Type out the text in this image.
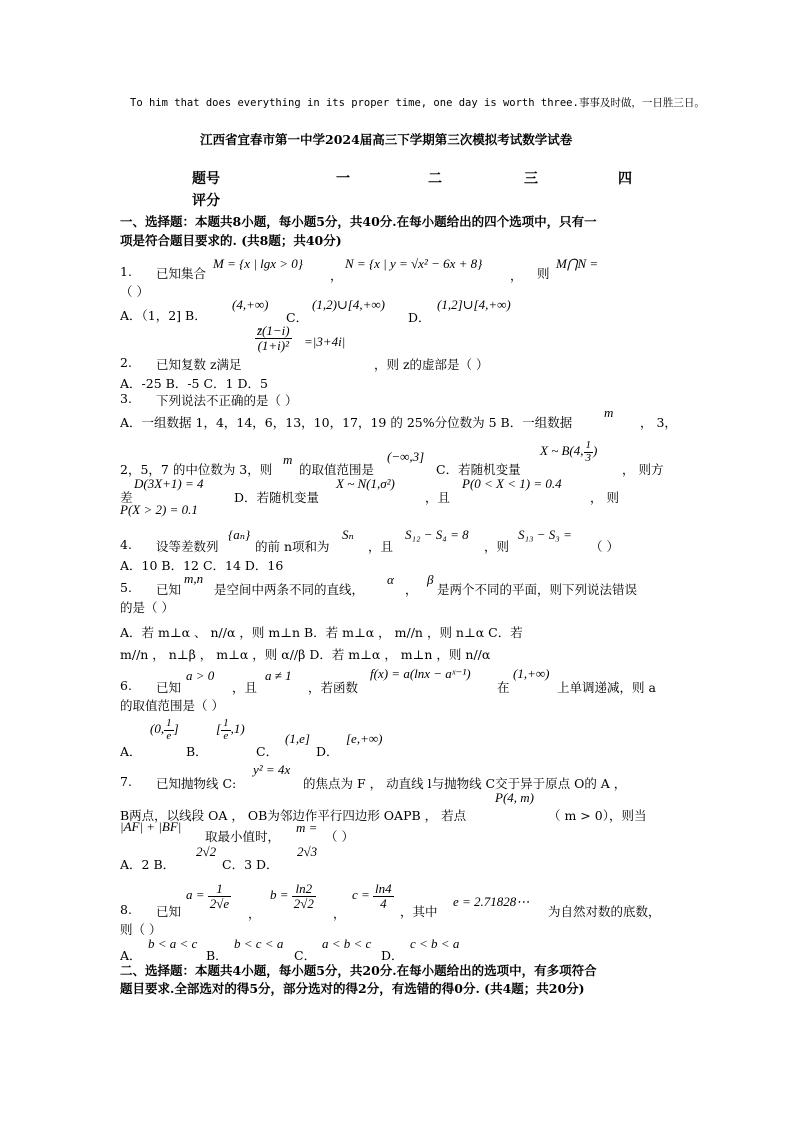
To him that does everything in its proper time, one day is worth three.事事及时做，一日胜三日。
江西省宜春市第一中学2024届高三下学期第三次模拟考试数学试卷
题号	一	二	三	四
评分
一、选择题：本题共8小题，每小题5分，共40分.在每小题给出的四个选项中，只有一
项是符合题目要求的. (共8题；共40分)
1. 已知集合
M = {x | lgx > 0}
，
N = {x | y = √x² − 6x + 8}
， 则
M⋂N =
（ ）
A．（1，2] B．
(4,+∞)
C．
(1,2)∪[4,+∞)
D．
(1,2]∪[4,+∞)
2. 已知复数 z满足
$\frac{z̄(1-i)}{\text{(1+i)²}} =|3+4i|$
，则 z的虚部是（ ）
A．-25 B．-5 C．1 D．5
3. 下列说法不正确的是（ ）
A．一组数据 1，4，14，6，13，10，17，19 的 25%分位数为 5 B．一组数据
m
， 3，
X ~ B(4, $\frac{1}{3}$ )
2，5，7 的中位数为 3，则
m
的取值范围是
(−∞,3]
C．若随机变量	， 则方
差
D(3X+1) = 4
D．若随机变量
X ~ N(1,σ²)
，且
P(0 < X < 1) = 0.4
， 则
P(X > 2) = 0.1
4. 设等差数列
{aₙ}
的前 n项和为
Sₙ
，且
S₁₂ − S₄ = 8
，则
S₁₃ − S₃ =
（ ）
A．10 B．12 C．14 D．16
5. 已知
m,n
是空间中两条不同的直线，
α
，
β
是两个不同的平面，则下列说法错误
的是（ ）
A．若 m⊥α 、 n//α ，则 m⊥n B．若 m⊥α ， m//n ，则 n⊥α C．若
m//n ， n⊥β ， m⊥α ，则 α//β D．若 m⊥α ， m⊥n ，则 n//α
6. 已知
a > 0
，且
a ≠ 1
，若函数
f(x) = a(lnx − aˣ⁻¹)
在
(1,+∞)
上单调递减，则 a
的取值范围是（ ）
A．
(0, $\frac{1}{e}$ ]
B．
[ $\frac{1}{e} ,1$)
C．
(1,e]
D．
[e,+∞)
7. 已知抛物线 C:
y² = 4x
的焦点为 F ， 动直线 l与抛物线 C交于异于原点 O的 A ，
B两点，以线段 OA ， OB为邻边作平行四边形 OAPB ， 若点
P(4, m)
（ m > 0），则当
|AF| + |BF|
取最小值时，
m =
（ ）
A．2 B．
2√2
C．3 D．
2√3
8. 已知
$a = \frac{1}{2√e}$
，
$b = \frac{\ln 2}{2√2}$
，
$c = \frac{\ln 4}{4}$
，其中
e = 2.71828⋯
为自然对数的底数，
则（ ）
A．
b < a < c
B．
b < c < a
C．
a < b < c
D．
c < b < a
二、选择题：本题共4小题，每小题5分，共20分.在每小题给出的选项中，有多项符合
题目要求.全部选对的得5分，部分选对的得2分，有选错的得0分. (共4题；共20分)
